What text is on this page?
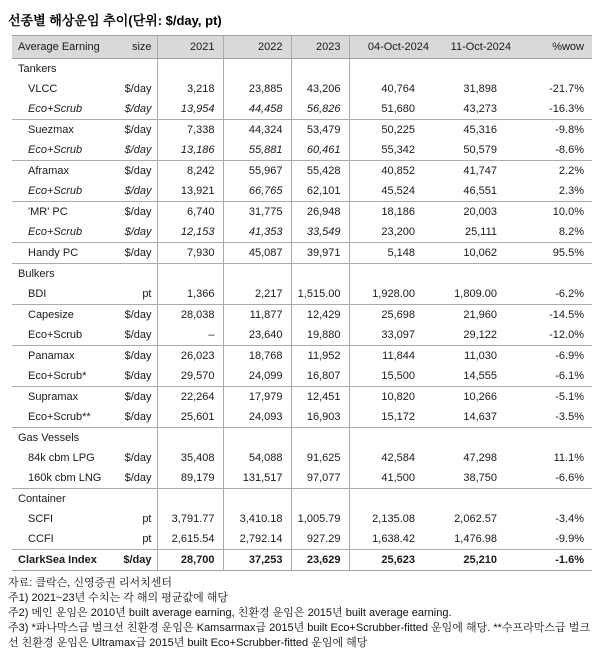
선종별 해상운임 추이(단위: $/day, pt)
Average Earning	size	2021	2022	2023	04-Oct-2024	11-Oct-2024	%wow
Tankers							
VLCC	$/day	3,218	23,885	43,206	40,764	31,898	-21.7%
Eco+Scrub	$/day	13,954	44,458	56,826	51,680	43,273	-16.3%
Suezmax	$/day	7,338	44,324	53,479	50,225	45,316	-9.8%
Eco+Scrub	$/day	13,186	55,881	60,461	55,342	50,579	-8.6%
Aframax	$/day	8,242	55,967	55,428	40,852	41,747	2.2%
Eco+Scrub	$/day	13,921	66,765	62,101	45,524	46,551	2.3%
'MR' PC	$/day	6,740	31,775	26,948	18,186	20,003	10.0%
Eco+Scrub	$/day	12,153	41,353	33,549	23,200	25,111	8.2%
Handy PC	$/day	7,930	45,087	39,971	5,148	10,062	95.5%
Bulkers							
BDI	pt	1,366	2,217	1,515.00	1,928.00	1,809.00	-6.2%
Capesize	$/day	28,038	11,877	12,429	25,698	21,960	-14.5%
Eco+Scrub	$/day	–	23,640	19,880	33,097	29,122	-12.0%
Panamax	$/day	26,023	18,768	11,952	11,844	11,030	-6.9%
Eco+Scrub*	$/day	29,570	24,099	16,807	15,500	14,555	-6.1%
Supramax	$/day	22,264	17,979	12,451	10,820	10,266	-5.1%
Eco+Scrub**	$/day	25,601	24,093	16,903	15,172	14,637	-3.5%
Gas Vessels							
84k cbm LPG	$/day	35,408	54,088	91,625	42,584	47,298	11.1%
160k cbm LNG	$/day	89,179	131,517	97,077	41,500	38,750	-6.6%
Container							
SCFI	pt	3,791.77	3,410.18	1,005.79	2,135.08	2,062.57	-3.4%
CCFI	pt	2,615.54	2,792.14	927.29	1,638.42	1,476.98	-9.9%
ClarkSea Index	$/day	28,700	37,253	23,629	25,623	25,210	-1.6%
자료: 클락슨, 신영증권 리서치센터
주1) 2021~23년 수치는 각 해의 평균값에 해당
주2) 메인 운임은 2010년 built average earning, 친환경 운임은 2015년 built average earning.
주3) *파나막스급 벌크선 친환경 운임은 Kamsarmax급 2015년 built Eco+Scrubber-fitted 운임에 해당. **수프라막스급 벌크선 친환경 운임은 Ultramax급 2015년 built Eco+Scrubber-fitted 운임에 해당
